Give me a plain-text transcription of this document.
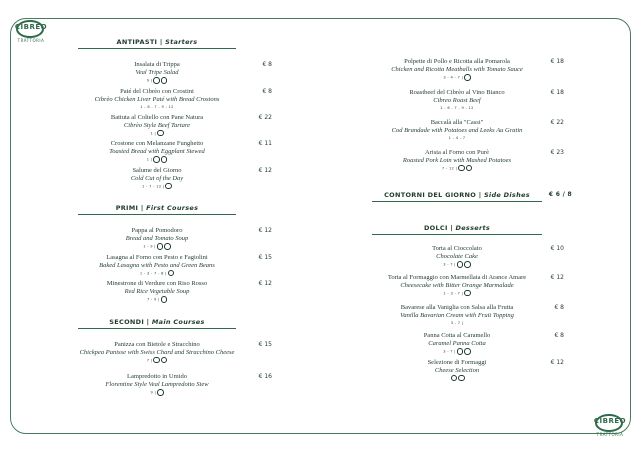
CIBREO
TRATTORIA
CIBREO
TRATTORIA
ANTIPASTI | Starters
Insalata di Trippa
Veal Tripe Salad
9 |
€ 8
Paté del Cibrèo con Crostini
Cibrèo Chicken Liver Paté with Bread Crostons
1 - 6 - 7 - 9 - 12
€ 8
Battuta al Coltello con Pane Natura
Cibrèo Style Beef Tartare
1 |
€ 22
Crostone con Melanzane Funghetto
Toasted Bread with Eggplant Stewed
1 |
€ 11
Salume del Giorno
Cold Cut of the Day
1 - 7 - 12 |
€ 12
PRIMI | First Courses
Pappa al Pomodoro
Bread and Tomato Soup
1 - 9 |
€ 12
Lasagna al Forno con Pesto e Fagiolini
Baked Lasagna with Pesto and Green Beans
1 - 3 - 7 - 8 |
€ 15
Minestrone di Verdure con Riso Rosso
Red Rice Vegetable Soup
7 - 9 |
€ 12
SECONDI | Main Courses
Panizza con Bietole e Stracchino
Chickpea Panisse with Swiss Chard and Stracchino Cheese
7 |
€ 15
Lampredotto in Umido
Florentine Style Veal Lampredotto Stew
9 |
€ 16
Polpette di Pollo e Ricotta alla Pomarola
Chicken and Ricotta Meatballs with Tomato Sauce
3 - 4 - 7 |
€ 18
Roastbeef del Cibrèo al Vino Bianco
Cibreo Roast Beef
1 - 6 - 7 - 9 - 12
€ 18
Baccalà alla "Cassi"
Cod Brandade with Potatoes and Leeks Au Gratin
1 - 4 - 7
€ 22
Arista al Forno con Purè
Roasted Pork Loin with Mashed Potatoes
7 - 12 |
€ 23
CONTORNI DEL GIORNO | Side Dishes	€ 6 / 8
DOLCI | Desserts
Torta al Cioccolato
Chocolate Cake
3 - 7 |
€ 10
Torta al Formaggio con Marmellata di Arance Amare
Cheesecake with Bitter Orange Marmalade
1 - 3 - 7 |
€ 12
Bavarese alla Vaniglia con Salsa alla Frutta
Vanilla Bavarian Cream with Fruit Topping
3 - 7 |
€ 8
Panna Cotta al Caramello
Caramel Panna Cotta
3 - 7 |
€ 8
Selezione di Formaggi
Cheese Selection
€ 12
